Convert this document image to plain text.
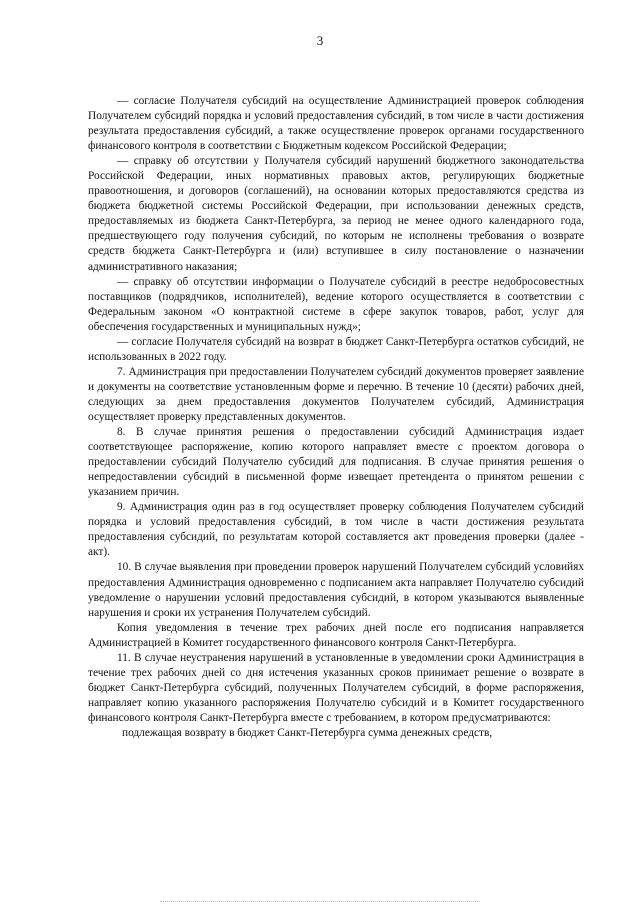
3

— согласие Получателя субсидий на осуществление Администрацией проверок соблюдения Получателем субсидий порядка и условий предоставления субсидий, в том числе в части достижения результата предоставления субсидий, а также осуществление проверок органами государственного финансового контроля в соответствии с Бюджетным кодексом Российской Федерации;

— справку об отсутствии у Получателя субсидий нарушений бюджетного законодательства Российской Федерации, иных нормативных правовых актов, регулирующих бюджетные правоотношения, и договоров (соглашений), на основании которых предоставляются средства из бюджета бюджетной системы Российской Федерации, при использовании денежных средств, предоставляемых из бюджета Санкт-Петербурга, за период не менее одного календарного года, предшествующего году получения субсидий, по которым не исполнены требования о возврате средств бюджета Санкт-Петербурга и (или) вступившее в силу постановление о назначении административного наказания;

— справку об отсутствии информации о Получателе субсидий в реестре недобросовестных поставщиков (подрядчиков, исполнителей), ведение которого осуществляется в соответствии с Федеральным законом «О контрактной системе в сфере закупок товаров, работ, услуг для обеспечения государственных и муниципальных нужд»;

— согласие Получателя субсидий на возврат в бюджет Санкт-Петербурга остатков субсидий, не использованных в 2022 году.

7. Администрация при предоставлении Получателем субсидий документов проверяет заявление и документы на соответствие установленным форме и перечню. В течение 10 (десяти) рабочих дней, следующих за днем предоставления документов Получателем субсидий, Администрация осуществляет проверку представленных документов.

8. В случае принятия решения о предоставлении субсидий Администрация издает соответствующее распоряжение, копию которого направляет вместе с проектом договора о предоставлении субсидий Получателю субсидий для подписания. В случае принятия решения о непредоставлении субсидий в письменной форме извещает претендента о принятом решении с указанием причин.

9. Администрация один раз в год осуществляет проверку соблюдения Получателем субсидий порядка и условий предоставления субсидий, в том числе в части достижения результата предоставления субсидий, по результатам которой составляется акт проведения проверки (далее - акт).

10. В случае выявления при проведении проверок нарушений Получателем субсидий условийях предоставления Администрация одновременно с подписанием акта направляет Получателю субсидий уведомление о нарушении условий предоставления субсидий, в котором указываются выявленные нарушения и сроки их устранения Получателем субсидий.

Копия уведомления в течение трех рабочих дней после его подписания направляется Администрацией в Комитет государственного финансового контроля Санкт-Петербурга.

11. В случае неустранения нарушений в установленные в уведомлении сроки Администрация в течение трех рабочих дней со дня истечения указанных сроков принимает решение о возврате в бюджет Санкт-Петербурга субсидий, полученных Получателем субсидий, в форме распоряжения, направляет копию указанного распоряжения Получателю субсидий и в Комитет государственного финансового контроля Санкт-Петербурга вместе с требованием, в котором предусматриваются:

подлежащая возврату в бюджет Санкт-Петербурга сумма денежных средств,
